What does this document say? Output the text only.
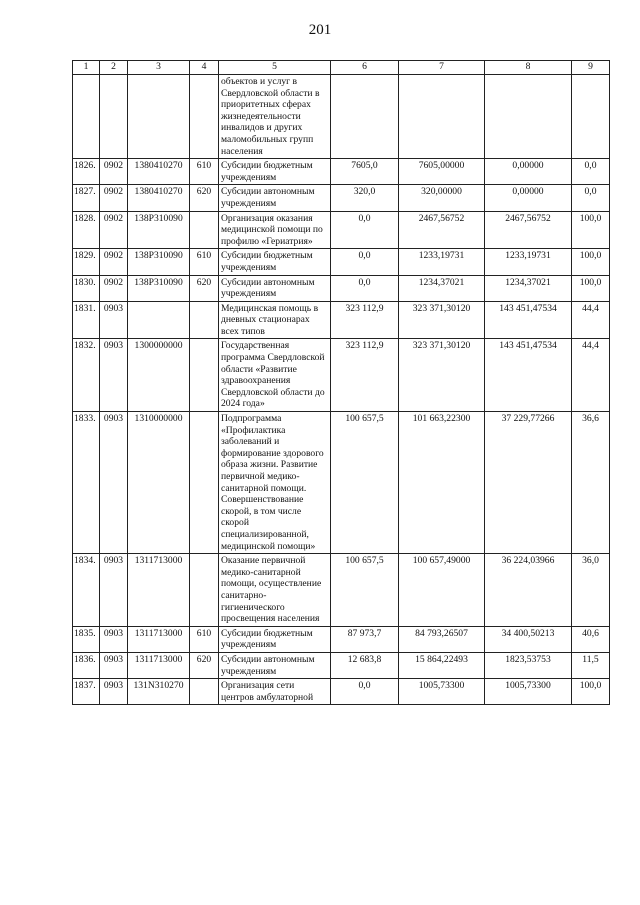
201
1	2	3	4	5	6	7	8	9
				объектов и услуг в Свердловской области в приоритетных сферах жизнедеятельности инвалидов и других маломобильных групп населения				
1826.	0902	1380410270	610	Субсидии бюджетным учреждениям	7605,0	7605,00000	0,00000	0,0
1827.	0902	1380410270	620	Субсидии автономным учреждениям	320,0	320,00000	0,00000	0,0
1828.	0902	138P310090		Организация оказания медицинской помощи по профилю «Гериатрия»	0,0	2467,56752	2467,56752	100,0
1829.	0902	138P310090	610	Субсидии бюджетным учреждениям	0,0	1233,19731	1233,19731	100,0
1830.	0902	138P310090	620	Субсидии автономным учреждениям	0,0	1234,37021	1234,37021	100,0
1831.	0903			Медицинская помощь в дневных стационарах всех типов	323 112,9	323 371,30120	143 451,47534	44,4
1832.	0903	1300000000		Государственная программа Свердловской области «Развитие здравоохранения Свердловской области до 2024 года»	323 112,9	323 371,30120	143 451,47534	44,4
1833.	0903	1310000000		Подпрограмма «Профилактика заболеваний и формирование здорового образа жизни. Развитие первичной медико-санитарной помощи. Совершенствование скорой, в том числе скорой специализированной, медицинской помощи»	100 657,5	101 663,22300	37 229,77266	36,6
1834.	0903	1311713000		Оказание первичной медико-санитарной помощи, осуществление санитарно-гигиенического просвещения населения	100 657,5	100 657,49000	36 224,03966	36,0
1835.	0903	1311713000	610	Субсидии бюджетным учреждениям	87 973,7	84 793,26507	34 400,50213	40,6
1836.	0903	1311713000	620	Субсидии автономным учреждениям	12 683,8	15 864,22493	1823,53753	11,5
1837.	0903	131N310270		Организация сети центров амбулаторной	0,0	1005,73300	1005,73300	100,0
